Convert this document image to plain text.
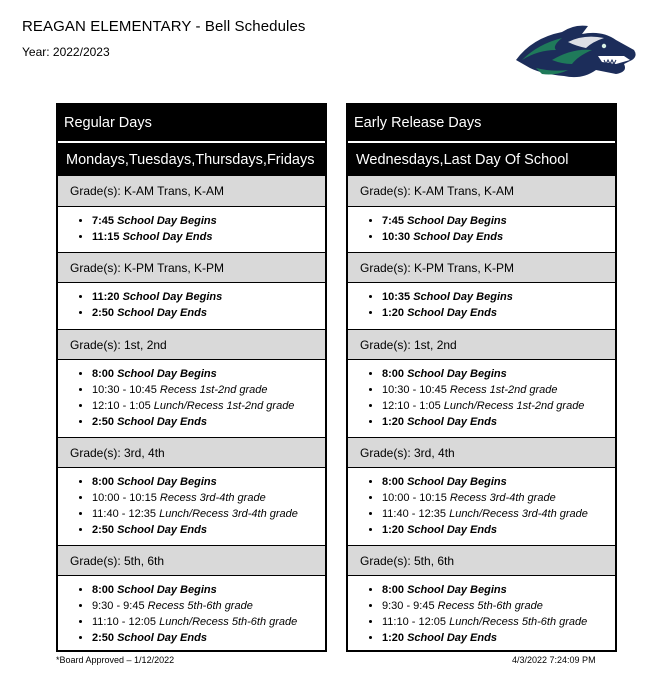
REAGAN ELEMENTARY - Bell Schedules
Year: 2022/2023
Regular Days
Mondays,Tuesdays,Thursdays,Fridays
Grade(s): K-AM Trans, K-AM
• 7:45 School Day Begins
• 11:15 School Day Ends
Grade(s): K-PM Trans, K-PM
• 11:20 School Day Begins
• 2:50 School Day Ends
Grade(s): 1st, 2nd
• 8:00 School Day Begins
• 10:30 - 10:45 Recess 1st-2nd grade
• 12:10 - 1:05 Lunch/Recess 1st-2nd grade
• 2:50 School Day Ends
Grade(s): 3rd, 4th
• 8:00 School Day Begins
• 10:00 - 10:15 Recess 3rd-4th grade
• 11:40 - 12:35 Lunch/Recess 3rd-4th grade
• 2:50 School Day Ends
Grade(s): 5th, 6th
• 8:00 School Day Begins
• 9:30 - 9:45 Recess 5th-6th grade
• 11:10 - 12:05 Lunch/Recess 5th-6th grade
• 2:50 School Day Ends
Early Release Days
Wednesdays,Last Day Of School
Grade(s): K-AM Trans, K-AM
• 7:45 School Day Begins
• 10:30 School Day Ends
Grade(s): K-PM Trans, K-PM
• 10:35 School Day Begins
• 1:20 School Day Ends
Grade(s): 1st, 2nd
• 8:00 School Day Begins
• 10:30 - 10:45 Recess 1st-2nd grade
• 12:10 - 1:05 Lunch/Recess 1st-2nd grade
• 1:20 School Day Ends
Grade(s): 3rd, 4th
• 8:00 School Day Begins
• 10:00 - 10:15 Recess 3rd-4th grade
• 11:40 - 12:35 Lunch/Recess 3rd-4th grade
• 1:20 School Day Ends
Grade(s): 5th, 6th
• 8:00 School Day Begins
• 9:30 - 9:45 Recess 5th-6th grade
• 11:10 - 12:05 Lunch/Recess 5th-6th grade
• 1:20 School Day Ends
*Board Approved – 1/12/2022	4/3/2022 7:24:09 PM
